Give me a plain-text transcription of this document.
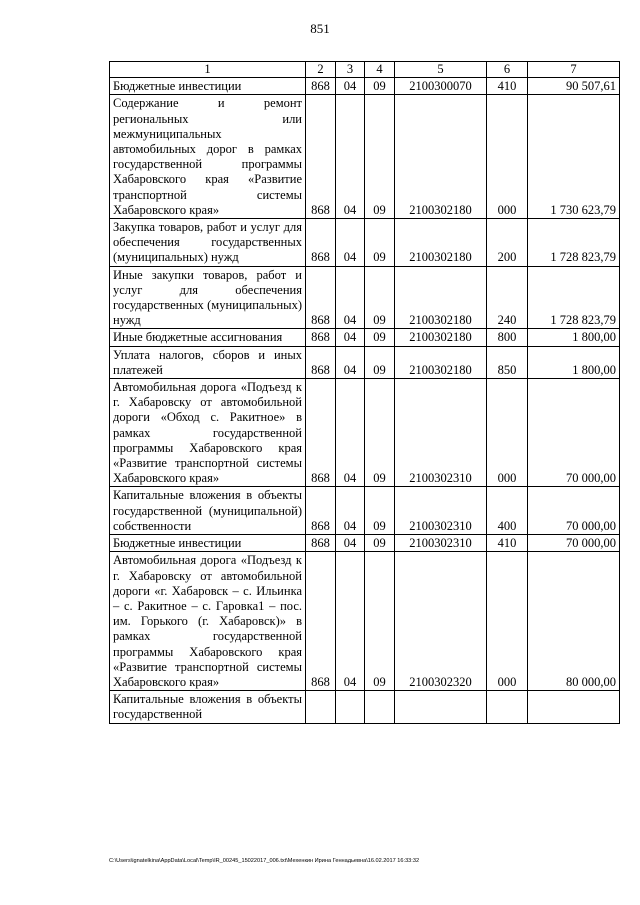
851
1	2	3	4	5	6	7
Бюджетные инвестиции	868	04	09	2100300070	410	90 507,61
Содержание и ремонт региональных или межмуниципальных автомобильных дорог в рамках государственной программы Хабаровского края «Развитие транспортной системы Хабаровского края»	868	04	09	2100302180	000	1 730 623,79
Закупка товаров, работ и услуг для обеспечения государственных (муниципальных) нужд	868	04	09	2100302180	200	1 728 823,79
Иные закупки товаров, работ и услуг для обеспечения государственных (муниципальных) нужд	868	04	09	2100302180	240	1 728 823,79
Иные бюджетные ассигнования	868	04	09	2100302180	800	1 800,00
Уплата налогов, сборов и иных платежей	868	04	09	2100302180	850	1 800,00
Автомобильная дорога «Подъезд к г. Хабаровску от автомобильной дороги «Обход с. Ракитное» в рамках государственной программы Хабаровского края «Развитие транспортной системы Хабаровского края»	868	04	09	2100302310	000	70 000,00
Капитальные вложения в объекты государственной (муниципальной) собственности	868	04	09	2100302310	400	70 000,00
Бюджетные инвестиции	868	04	09	2100302310	410	70 000,00
Автомобильная дорога «Подъезд к г. Хабаровску от автомобильной дороги «г. Хабаровск – с. Ильинка – с. Ракитное – с. Гаровка1 – пос. им. Горького (г. Хабаровск)» в рамках государственной программы Хабаровского края «Развитие транспортной системы Хабаровского края»	868	04	09	2100302320	000	80 000,00
Капитальные вложения в объекты государственной						
C:\Users\ignatelkina\AppData\Local\Temp\IR_00245_15022017_006.txt\Мехенкин Ирина Геннадьевна\16.02.2017 16:33:32
